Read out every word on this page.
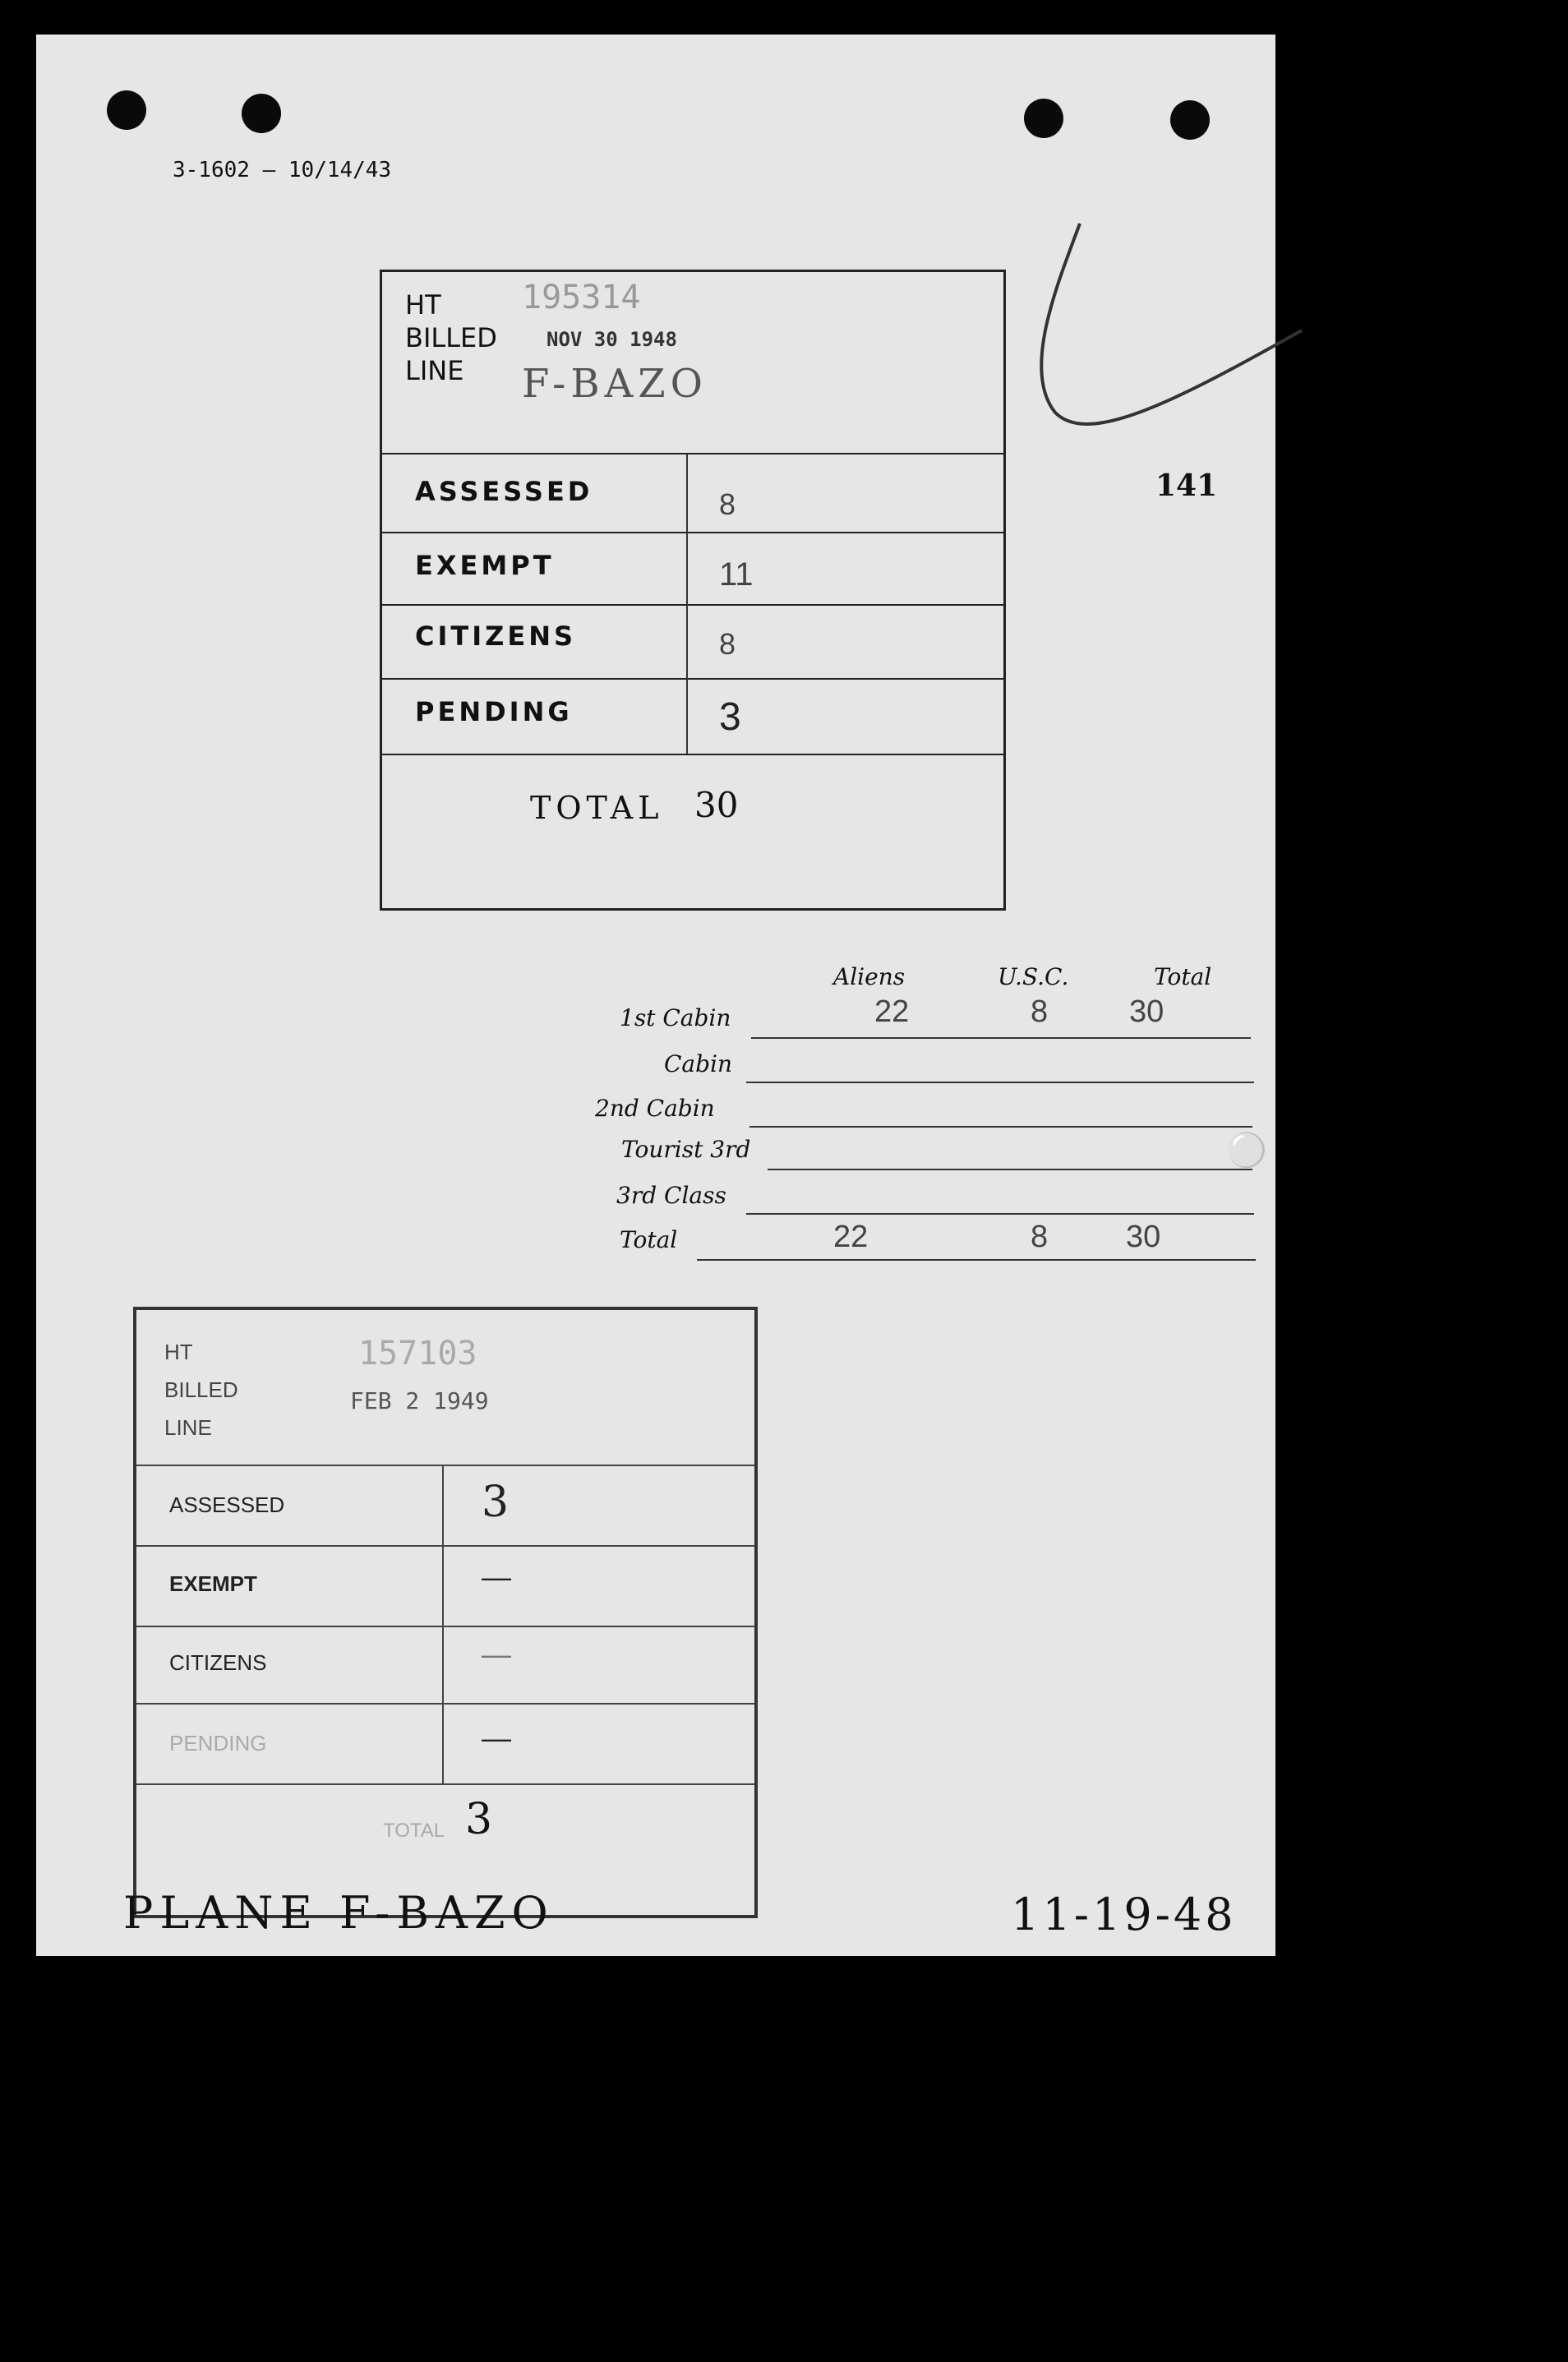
3-1602 — 10/14/43
141
HT
BILLED
LINE
195314
NOV 30 1948
F-BAZO
ASSESSED	8
EXEMPT	11
CITIZENS	8
PENDING	3
TOTAL 30
Aliens	U.S.C.	Total
1st Cabin	22	8	30
Cabin
2nd Cabin
Tourist 3rd	⚪
3rd Class
Total	22	8 30
HT
BILLED
LINE
157103
FEB 2 1949
ASSESSED	3
EXEMPT	—
CITIZENS	—
PENDING	—
TOTAL 3
PLANE F-BAZO	11-19-48
